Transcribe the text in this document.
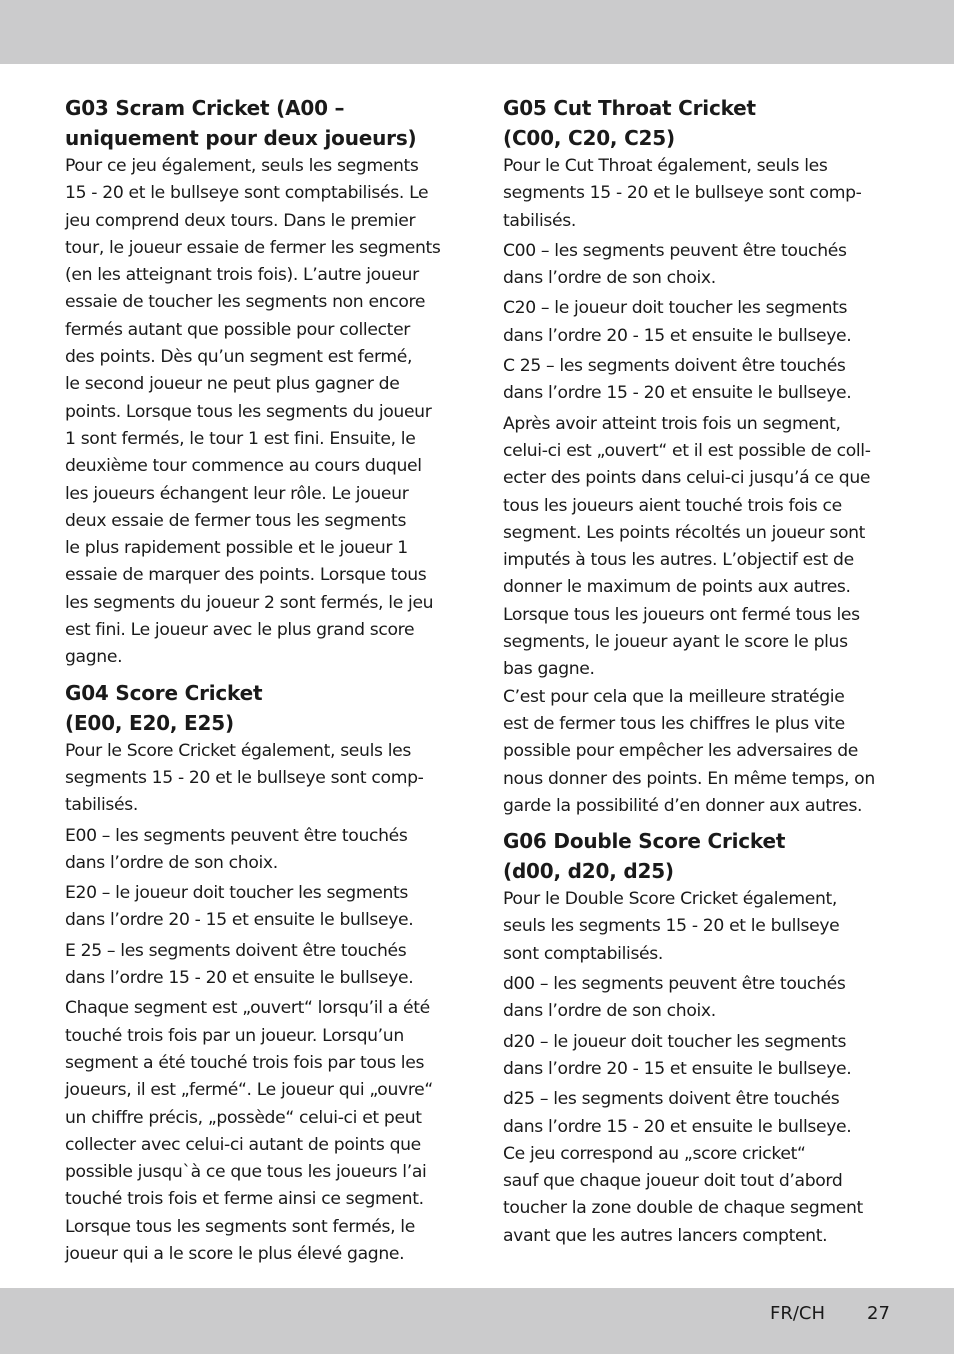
G03 Scram Cricket (A00 –
uniquement pour deux joueurs)

Pour ce jeu également, seuls les segments
15 - 20 et le bullseye sont comptabilisés. Le
jeu comprend deux tours. Dans le premier
tour, le joueur essaie de fermer les segments
(en les atteignant trois fois). L’autre joueur
essaie de toucher les segments non encore
fermés autant que possible pour collecter
des points. Dès qu’un segment est fermé,
le second joueur ne peut plus gagner de
points. Lorsque tous les segments du joueur
1 sont fermés, le tour 1 est fini. Ensuite, le
deuxième tour commence au cours duquel
les joueurs échangent leur rôle. Le joueur
deux essaie de fermer tous les segments
le plus rapidement possible et le joueur 1
essaie de marquer des points. Lorsque tous
les segments du joueur 2 sont fermés, le jeu
est fini. Le joueur avec le plus grand score
gagne.

G04 Score Cricket
(E00, E20, E25)

Pour le Score Cricket également, seuls les
segments 15 - 20 et le bullseye sont comp-
tabilisés.

E00 – les segments peuvent être touchés
dans l’ordre de son choix.

E20 – le joueur doit toucher les segments
dans l’ordre 20 - 15 et ensuite le bullseye.

E 25 – les segments doivent être touchés
dans l’ordre 15 - 20 et ensuite le bullseye.

Chaque segment est „ouvert“ lorsqu’il a été
touché trois fois par un joueur. Lorsqu’un
segment a été touché trois fois par tous les
joueurs, il est „fermé“. Le joueur qui „ouvre“
un chiffre précis, „possède“ celui-ci et peut
collecter avec celui-ci autant de points que
possible jusqu`à ce que tous les joueurs l’ai
touché trois fois et ferme ainsi ce segment.
Lorsque tous les segments sont fermés, le
joueur qui a le score le plus élevé gagne.

G05 Cut Throat Cricket
(C00, C20, C25)

Pour le Cut Throat également, seuls les
segments 15 - 20 et le bullseye sont comp-
tabilisés.

C00 – les segments peuvent être touchés
dans l’ordre de son choix.

C20 – le joueur doit toucher les segments
dans l’ordre 20 - 15 et ensuite le bullseye.

C 25 – les segments doivent être touchés
dans l’ordre 15 - 20 et ensuite le bullseye.

Après avoir atteint trois fois un segment,
celui-ci est „ouvert“ et il est possible de coll-
ecter des points dans celui-ci jusqu’á ce que
tous les joueurs aient touché trois fois ce
segment. Les points récoltés un joueur sont
imputés à tous les autres. L’objectif est de
donner le maximum de points aux autres.
Lorsque tous les joueurs ont fermé tous les
segments, le joueur ayant le score le plus
bas gagne.
C’est pour cela que la meilleure stratégie
est de fermer tous les chiffres le plus vite
possible pour empêcher les adversaires de
nous donner des points. En même temps, on
garde la possibilité d’en donner aux autres.

G06 Double Score Cricket
(d00, d20, d25)

Pour le Double Score Cricket également,
seuls les segments 15 - 20 et le bullseye
sont comptabilisés.

d00 – les segments peuvent être touchés
dans l’ordre de son choix.

d20 – le joueur doit toucher les segments
dans l’ordre 20 - 15 et ensuite le bullseye.

d25 – les segments doivent être touchés
dans l’ordre 15 - 20 et ensuite le bullseye.
Ce jeu correspond au „score cricket“
sauf que chaque joueur doit tout d’abord
toucher la zone double de chaque segment
avant que les autres lancers comptent.

FR/CH 27
